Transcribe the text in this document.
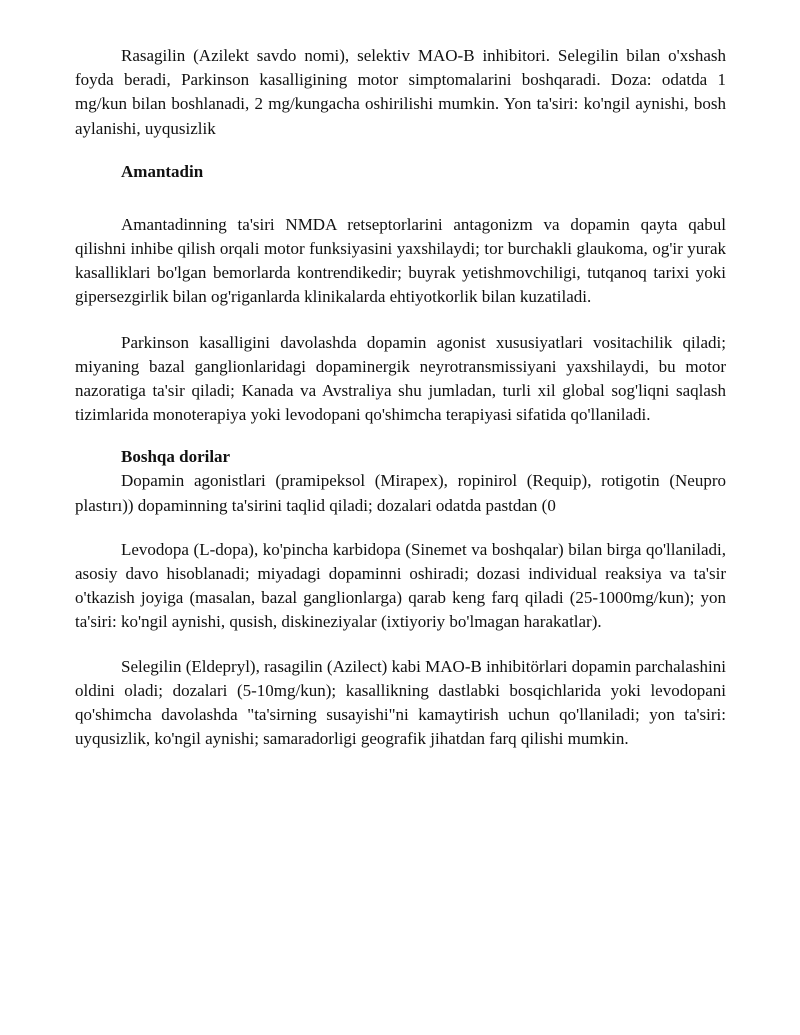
Rasagilin (Azilekt savdo nomi), selektiv MAO-B inhibitori. Selegilin bilan o'xshash foyda beradi, Parkinson kasalligining motor simptomalarini boshqaradi. Doza: odatda 1 mg/kun bilan boshlanadi, 2 mg/kungacha oshirilishi mumkin. Yon ta'siri: ko'ngil aynishi, bosh aylanishi, uyqusizlik

Amantadin

Amantadinning ta'siri NMDA retseptorlarini antagonizm va dopamin qayta qabul qilishni inhibe qilish orqali motor funksiyasini yaxshilaydi; tor burchakli glaukoma, og'ir yurak kasalliklari bo'lgan bemorlarda kontrendikedir; buyrak yetishmovchiligi, tutqanoq tarixi yoki gipersezgirlik bilan og'riganlarda klinikalarda ehtiyotkorlik bilan kuzatiladi.

Parkinson kasalligini davolashda dopamin agonist xususiyatlari vositachilik qiladi; miyaning bazal ganglionlaridagi dopaminergik neyrotransmissiyani yaxshilaydi, bu motor nazoratiga ta'sir qiladi; Kanada va Avstraliya shu jumladan, turli xil global sog'liqni saqlash tizimlarida monoterapiya yoki levodopani qo'shimcha terapiyasi sifatida qo'llaniladi.

Boshqa dorilar

Dopamin agonistlari (pramipeksol (Mirapex), ropinirol (Requip), rotigotin (Neupro plastırı)) dopaminning ta'sirini taqlid qiladi; dozalari odatda pastdan (0

Levodopa (L-dopa), ko'pincha karbidopa (Sinemet va boshqalar) bilan birga qo'llaniladi, asosiy davo hisoblanadi; miyadagi dopaminni oshiradi; dozasi individual reaksiya va ta'sir o'tkazish joyiga (masalan, bazal ganglionlarga) qarab keng farq qiladi (25-1000mg/kun); yon ta'siri: ko'ngil aynishi, qusish, diskineziyalar (ixtiyoriy bo'lmagan harakatlar).

Selegilin (Eldepryl), rasagilin (Azilect) kabi MAO-B inhibitörlari dopamin parchalashini oldini oladi; dozalari (5-10mg/kun); kasallikning dastlabki bosqichlarida yoki levodopani qo'shimcha davolashda "ta'sirning susayishi"ni kamaytirish uchun qo'llaniladi; yon ta'siri: uyqusizlik, ko'ngil aynishi; samaradorligi geografik jihatdan farq qilishi mumkin.
